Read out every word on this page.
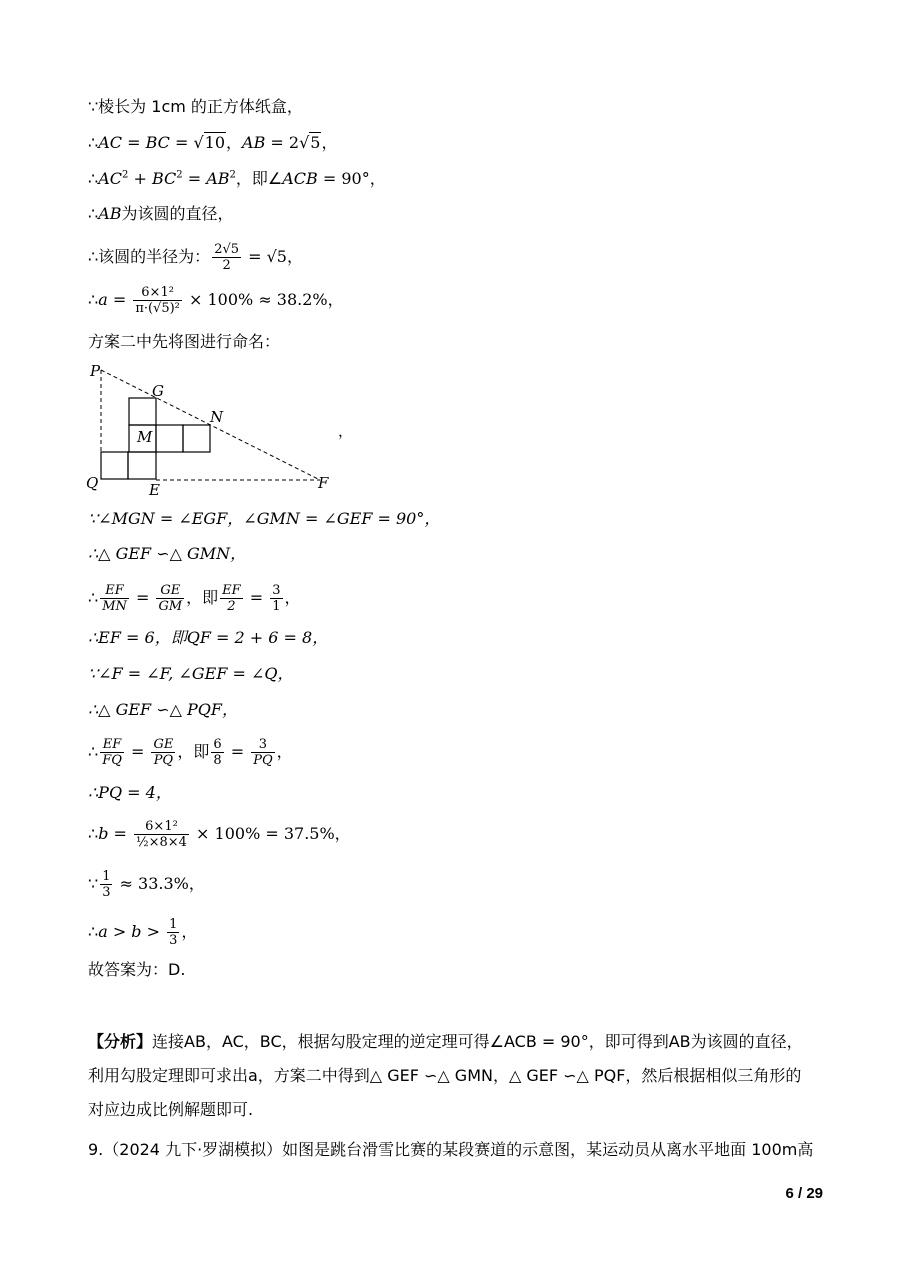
∵棱长为 1cm 的正方体纸盒，
∴AC = BC = √10，AB = 2√5，
$\therefore AC^2 + BC^2 = AB^2$，即∠ACB = 90°，
∴AB为该圆的直径，
∴该圆的半径为： $\frac{2√5}{2} = √5$，
∴a = $\frac{\text{6×1²}}{\text{π·(√5)²}} \times 100\% \approx 38.2\%$，
方案二中先将图进行命名：
P
G
N
M
Q	E	F
，
∵∠MGN = ∠EGF，∠GMN = ∠GEF = 90°，
∴△ GEF ∽△ GMN，
∴ $\frac{EF}{MN} = \frac{GE}{GM}$ ，即 $\frac{EF}{2} = \frac{3}{1}$ ，
∴EF = 6，即QF = 2 + 6 = 8，
∵∠F = ∠F, ∠GEF = ∠Q，
∴△ GEF ∽△ PQF，
∴ $\frac{EF}{FQ} = \frac{GE}{PQ}$ ，即 $\frac{6}{8} = \frac{3}{PQ}$ ，
∴PQ = 4，
∴b = $\frac{\text{6×1²}}{\text{½×8×4}} \times 100\% = 37.5\%$，
∵ $\frac{1}{3} \approx 33.3\%$，
∴a > $b > \frac{1}{3}$ ，
故答案为：D.
【分析】连接AB，AC，BC，根据勾股定理的逆定理可得∠ACB = 90°，即可得到AB为该圆的直径，
利用勾股定理即可求出a，方案二中得到△ GEF ∽△ GMN，△ GEF ∽△ PQF，然后根据相似三角形的
对应边成比例解题即可.
9.（2024 九下·罗湖模拟）如图是跳台滑雪比赛的某段赛道的示意图，某运动员从离水平地面 100m高
6 / 29
